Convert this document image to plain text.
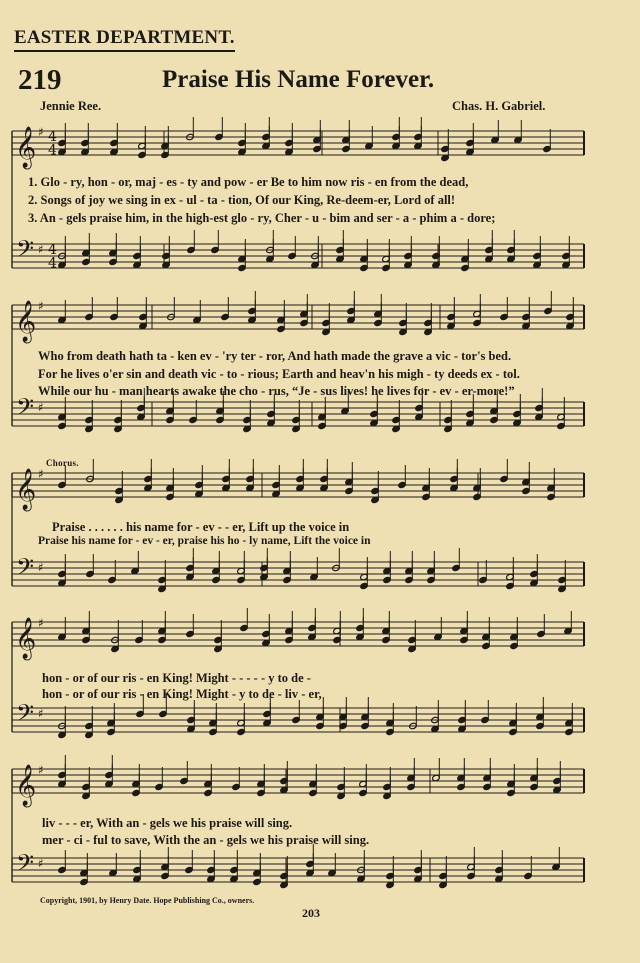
EASTER DEPARTMENT.
219	Praise His Name Forever.
Jennie Ree.	Chas. H. Gabriel.
𝄞
𝄢
♯
♯
4
4
4
4
𝄞
𝄢
♯
♯
𝄞
𝄢
♯
♯
𝄞
𝄢
♯
♯
𝄞
𝄢
♯
♯
1. Glo - ry, hon - or, maj - es - ty and pow - er Be to him now ris - en from the dead,
2. Songs of joy we sing in ex - ul - ta - tion, Of our King, Re-deem-er, Lord of all!
3. An - gels praise him, in the high-est glo - ry, Cher - u - bim and ser - a - phim a - dore;
Who from death hath ta - ken ev - 'ry ter - ror, And hath made the grave a vic - tor's bed.
For he lives o'er sin and death vic - to - rious; Earth and heav'n his migh - ty deeds ex - tol.
While our hu - man hearts awake the cho - rus, “Je - sus lives! he lives for - ev - er-more!”
Chorus.
Praise . . . . . . his name for - ev - - er, Lift up the voice in
Praise his name for - ev - er, praise his ho - ly name, Lift the voice in
hon - or of our ris - en King! Might - - - - - y to de -
hon - or of our ris - en King! Might - y to de - liv - er,
liv - - - er, With an - gels we his praise will sing.
mer - ci - ful to save, With the an - gels we his praise will sing.
Copyright, 1901, by Henry Date. Hope Publishing Co., owners.
203
